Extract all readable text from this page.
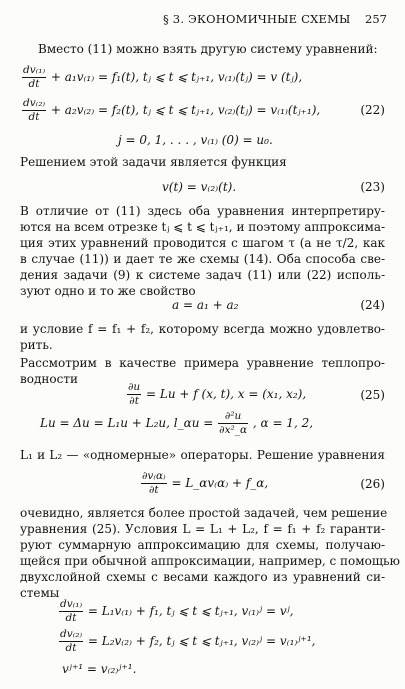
§ 3. ЭКОНОМИЧНЫЕ СХЕМЫ 257
Вместо (11) можно взять другую систему уравнений:
$\frac{\text{dv₍₁₎}}{dt} + a_1v_{(1)} = f_1(t)$, tⱼ ⩽ t ⩽ tⱼ₊₁, v₍₁₎(tⱼ) = v (tⱼ),
$\frac{\text{dv₍₂₎}}{dt} + a_2v_{(2)} = f_2(t)$, tⱼ ⩽ t ⩽ tⱼ₊₁, v₍₂₎(tⱼ) = v₍₁₎(tⱼ₊₁),	(22)
j = 0, 1, . . . , v₍₁₎ (0) = u₀.
Решением этой задачи является функция
v(t) = v₍₂₎(t).	(23)
В отличие от (11) здесь оба уравнения интерпретиру-
ются на всем отрезке tⱼ ⩽ t ⩽ tⱼ₊₁, и поэтому аппроксима-
ция этих уравнений проводится с шагом τ (а не τ/2, как
в случае (11)) и дает те же схемы (14). Оба способа све-
дения задачи (9) к системе задач (11) или (22) исполь-
зуют одно и то же свойство
a = a₁ + a₂	(24)
и условие f = f₁ + f₂, которому всегда можно удовлетво-
рить.
Рассмотрим в качестве примера уравнение теплопро-
водности
$\frac{\partial u}{\partial t} = Lu + f$ (x, t), x = (x₁, x₂),	(25)
Lu = Δu = L₁u + L₂u, l_αu = $\frac{\text{∂²u}}{\text{∂x²\_α}}$ , α = 1, 2,
L₁ и L₂ — «одномерные» операторы. Решение уравнения
$\frac{\partial v_(\alpha_)}{\partial t}$ = L_αv₍α₎ + f_α,	(26)
очевидно, является более простой задачей, чем решение
уравнения (25). Условия L = L₁ + L₂, f = f₁ + f₂ гаранти-
руют суммарную аппроксимацию для схемы, получаю-
щейся при обычной аппроксимации, например, с помощью
двухслойной схемы с весами каждого из уравнений си-
стемы
$\frac{\text{dv₍₁₎}}{dt} = L_1v_{(1)} + f_1$, tⱼ ⩽ t ⩽ tⱼ₊₁, v₍₁₎ʲ = vʲ,
$\frac{\text{dv₍₂₎}}{dt} = L_2v_{(2)} + f_2$, tⱼ ⩽ t ⩽ tⱼ₊₁, v₍₂₎ʲ = v₍₁₎ʲ⁺¹,
vʲ⁺¹ = v₍₂₎ʲ⁺¹.
